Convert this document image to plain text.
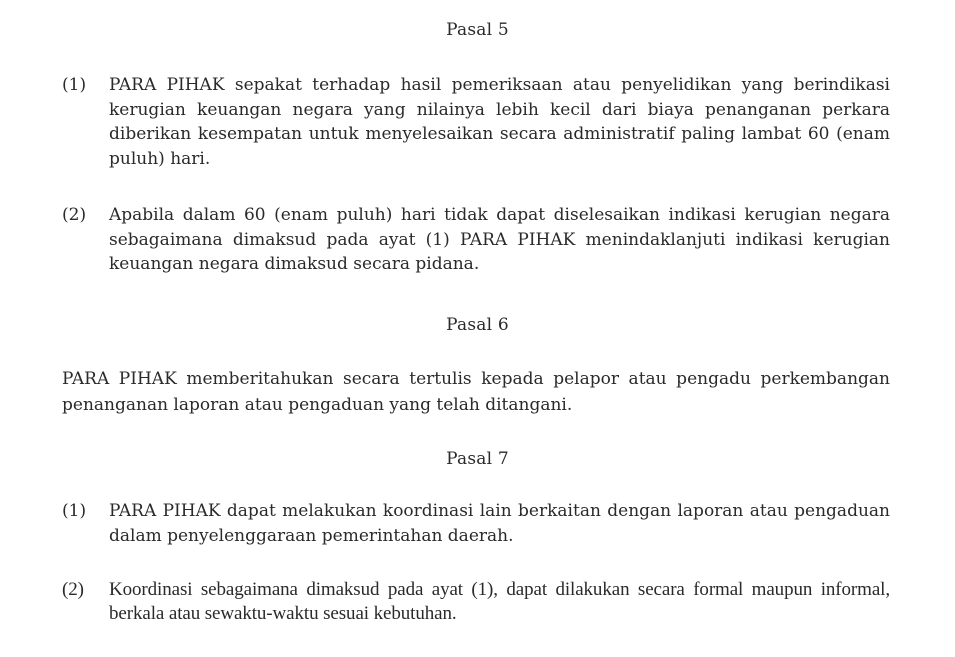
Pasal 5
(1)	PARA PIHAK sepakat terhadap hasil pemeriksaan atau penyelidikan yang berindikasi kerugian keuangan negara yang nilainya lebih kecil dari biaya penanganan perkara diberikan kesempatan untuk menyelesaikan secara administratif paling lambat 60 (enam puluh) hari.
(2)	Apabila dalam 60 (enam puluh) hari tidak dapat diselesaikan indikasi kerugian negara sebagaimana dimaksud pada ayat (1) PARA PIHAK menindaklanjuti indikasi kerugian keuangan negara dimaksud secara pidana.
Pasal 6
PARA PIHAK memberitahukan secara tertulis kepada pelapor atau pengadu perkembangan penanganan laporan atau pengaduan yang telah ditangani.
Pasal 7
(1)	PARA PIHAK dapat melakukan koordinasi lain berkaitan dengan laporan atau pengaduan dalam penyelenggaraan pemerintahan daerah.
(2)	Koordinasi sebagaimana dimaksud pada ayat (1), dapat dilakukan secara formal maupun informal, berkala atau sewaktu-waktu sesuai kebutuhan.
